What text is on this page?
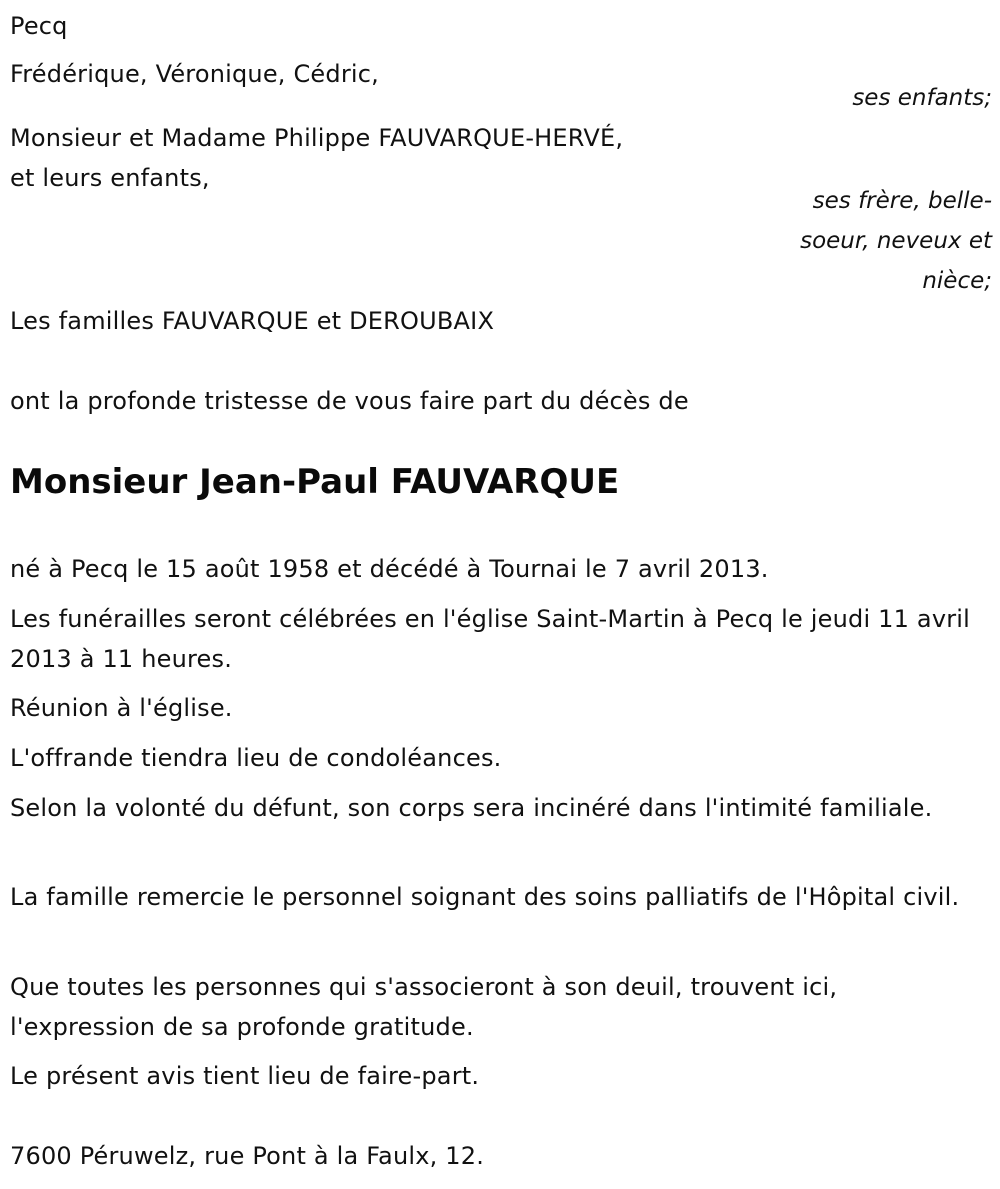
Pecq
Frédérique, Véronique, Cédric,
ses enfants;
Monsieur et Madame Philippe FAUVARQUE-HERVÉ,
et leurs enfants,
ses frère, belle-
soeur, neveux et
nièce;
Les familles FAUVARQUE et DEROUBAIX
ont la profonde tristesse de vous faire part du décès de
Monsieur Jean-Paul FAUVARQUE
né à Pecq le 15 août 1958 et décédé à Tournai le 7 avril 2013.
Les funérailles seront célébrées en l'église Saint-Martin à Pecq le jeudi 11 avril 2013 à 11 heures.
Réunion à l'église.
L'offrande tiendra lieu de condoléances.
Selon la volonté du défunt, son corps sera incinéré dans l'intimité familiale.
La famille remercie le personnel soignant des soins palliatifs de l'Hôpital civil.
Que toutes les personnes qui s'associeront à son deuil, trouvent ici, l'expression de sa profonde gratitude.
Le présent avis tient lieu de faire-part.
7600 Péruwelz, rue Pont à la Faulx, 12.
